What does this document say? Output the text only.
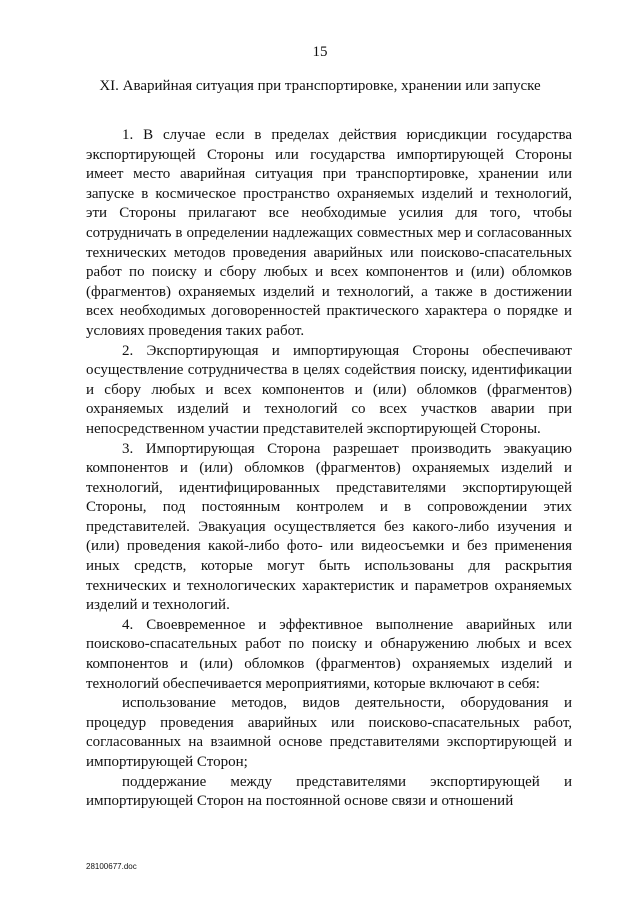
15
XI. Аварийная ситуация при транспортировке, хранении или запуске

1. В случае если в пределах действия юрисдикции государства экспортирующей Стороны или государства импортирующей Стороны имеет место аварийная ситуация при транспортировке, хранении или запуске в космическое пространство охраняемых изделий и технологий, эти Стороны прилагают все необходимые усилия для того, чтобы сотрудничать в определении надлежащих совместных мер и согласованных технических методов проведения аварийных или поисково-спасательных работ по поиску и сбору любых и всех компонентов и (или) обломков (фрагментов) охраняемых изделий и технологий, а также в достижении всех необходимых договоренностей практического характера о порядке и условиях проведения таких работ.

2. Экспортирующая и импортирующая Стороны обеспечивают осуществление сотрудничества в целях содействия поиску, идентификации и сбору любых и всех компонентов и (или) обломков (фрагментов) охраняемых изделий и технологий со всех участков аварии при непосредственном участии представителей экспортирующей Стороны.

3. Импортирующая Сторона разрешает производить эвакуацию компонентов и (или) обломков (фрагментов) охраняемых изделий и технологий, идентифицированных представителями экспортирующей Стороны, под постоянным контролем и в сопровождении этих представителей. Эвакуация осуществляется без какого-либо изучения и (или) проведения какой-либо фото- или видеосъемки и без применения иных средств, которые могут быть использованы для раскрытия технических и технологических характеристик и параметров охраняемых изделий и технологий.

4. Своевременное и эффективное выполнение аварийных или поисково-спасательных работ по поиску и обнаружению любых и всех компонентов и (или) обломков (фрагментов) охраняемых изделий и технологий обеспечивается мероприятиями, которые включают в себя:

использование методов, видов деятельности, оборудования и процедур проведения аварийных или поисково-спасательных работ, согласованных на взаимной основе представителями экспортирующей и импортирующей Сторон;

поддержание между представителями экспортирующей и импортирующей Сторон на постоянной основе связи и отношений

28100677.doc
